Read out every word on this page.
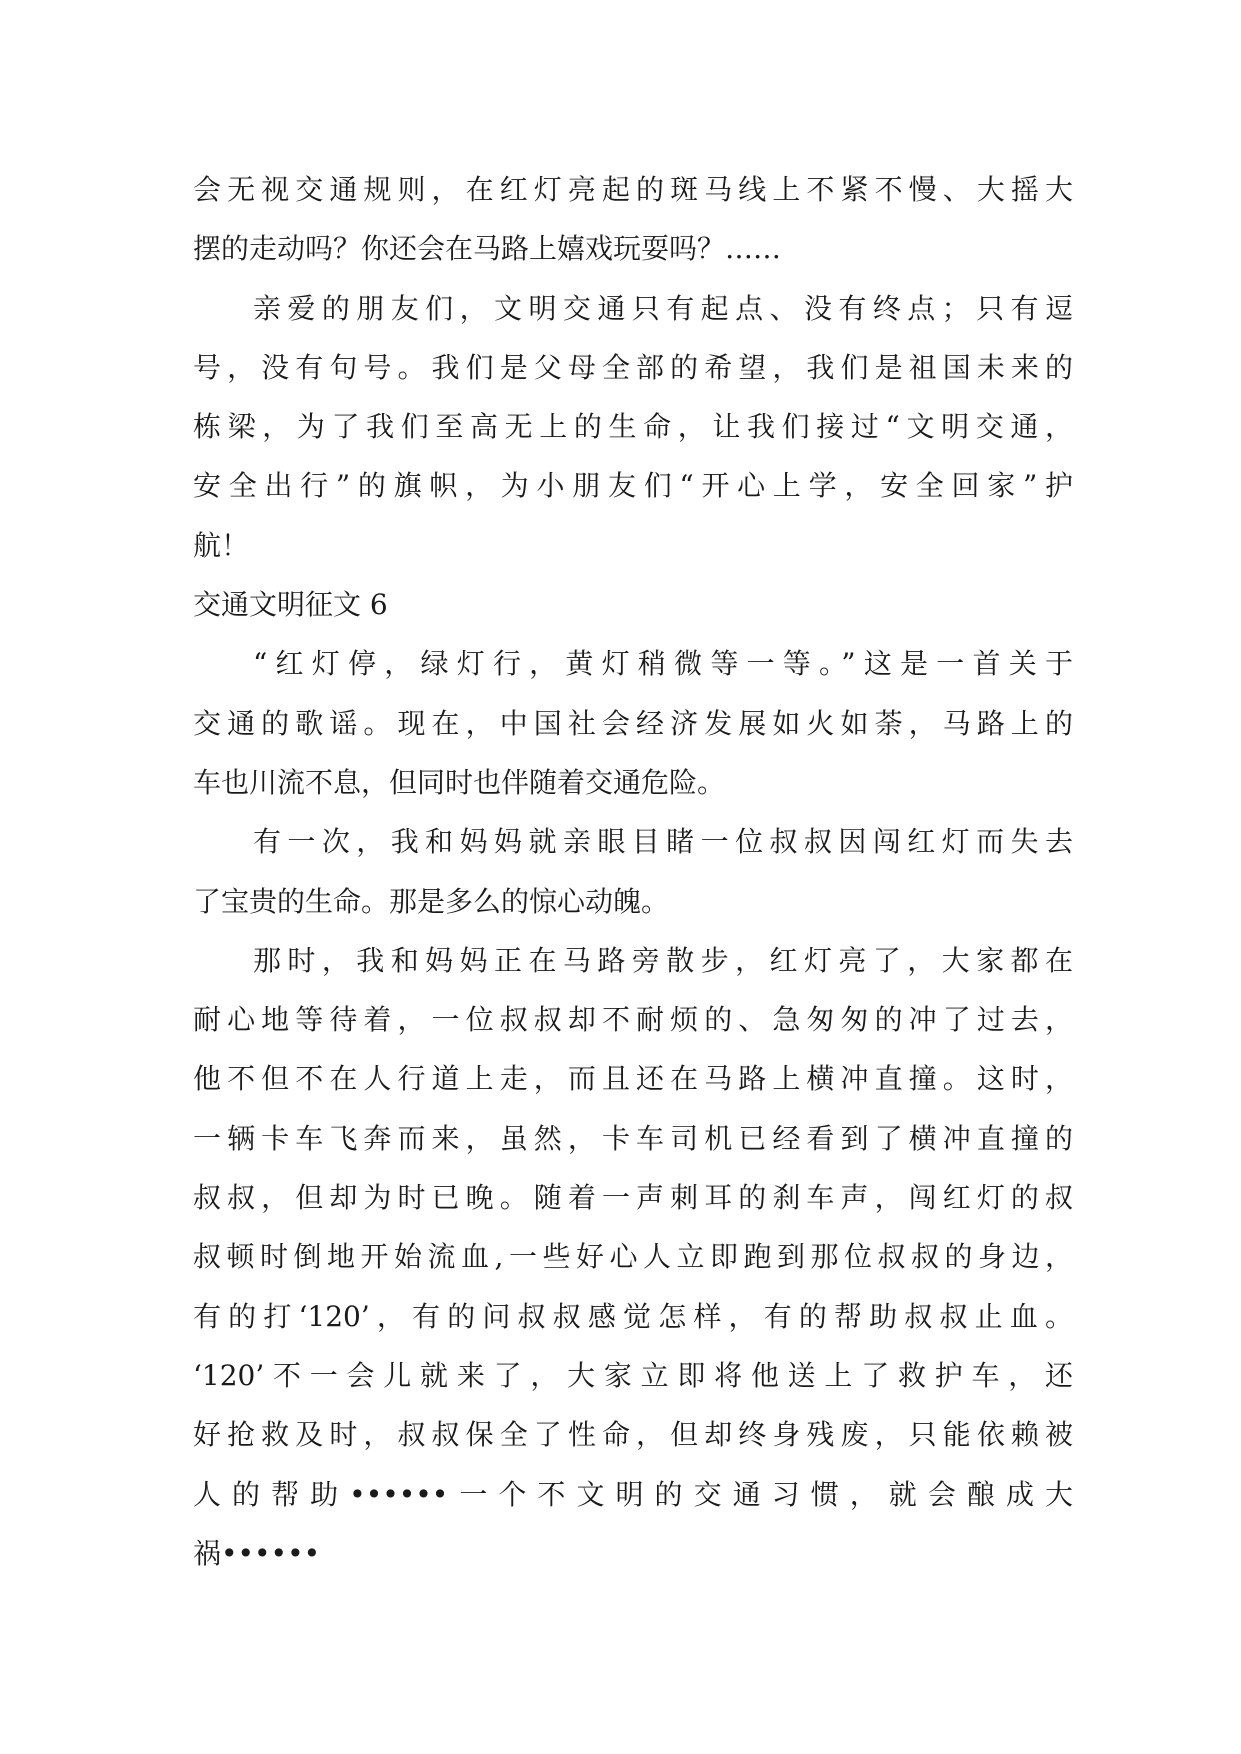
会无视交通规则，在红灯亮起的斑马线上不紧不慢、大摇大
摆的走动吗？你还会在马路上嬉戏玩耍吗？……
亲爱的朋友们，文明交通只有起点、没有终点；只有逗
号，没有句号。我们是父母全部的希望，我们是祖国未来的
栋梁，为了我们至高无上的生命，让我们接过“文明交通，
安全出行”的旗帜，为小朋友们“开心上学，安全回家”护
航！
交通文明征文 6
“红灯停，绿灯行，黄灯稍微等一等。”这是一首关于
交通的歌谣。现在，中国社会经济发展如火如荼，马路上的
车也川流不息，但同时也伴随着交通危险。
有一次，我和妈妈就亲眼目睹一位叔叔因闯红灯而失去
了宝贵的生命。那是多么的惊心动魄。
那时，我和妈妈正在马路旁散步，红灯亮了，大家都在
耐心地等待着，一位叔叔却不耐烦的、急匆匆的冲了过去，
他不但不在人行道上走，而且还在马路上横冲直撞。这时，
一辆卡车飞奔而来，虽然，卡车司机已经看到了横冲直撞的
叔叔，但却为时已晚。随着一声刺耳的刹车声，闯红灯的叔
叔顿时倒地开始流血,一些好心人立即跑到那位叔叔的身边，
有的打‘120’，有的问叔叔感觉怎样，有的帮助叔叔止血。
‘120’不一会儿就来了，大家立即将他送上了救护车，还
好抢救及时，叔叔保全了性命，但却终身残废，只能依赖被
人的帮助••••••一个不文明的交通习惯，就会酿成大
祸••••••
